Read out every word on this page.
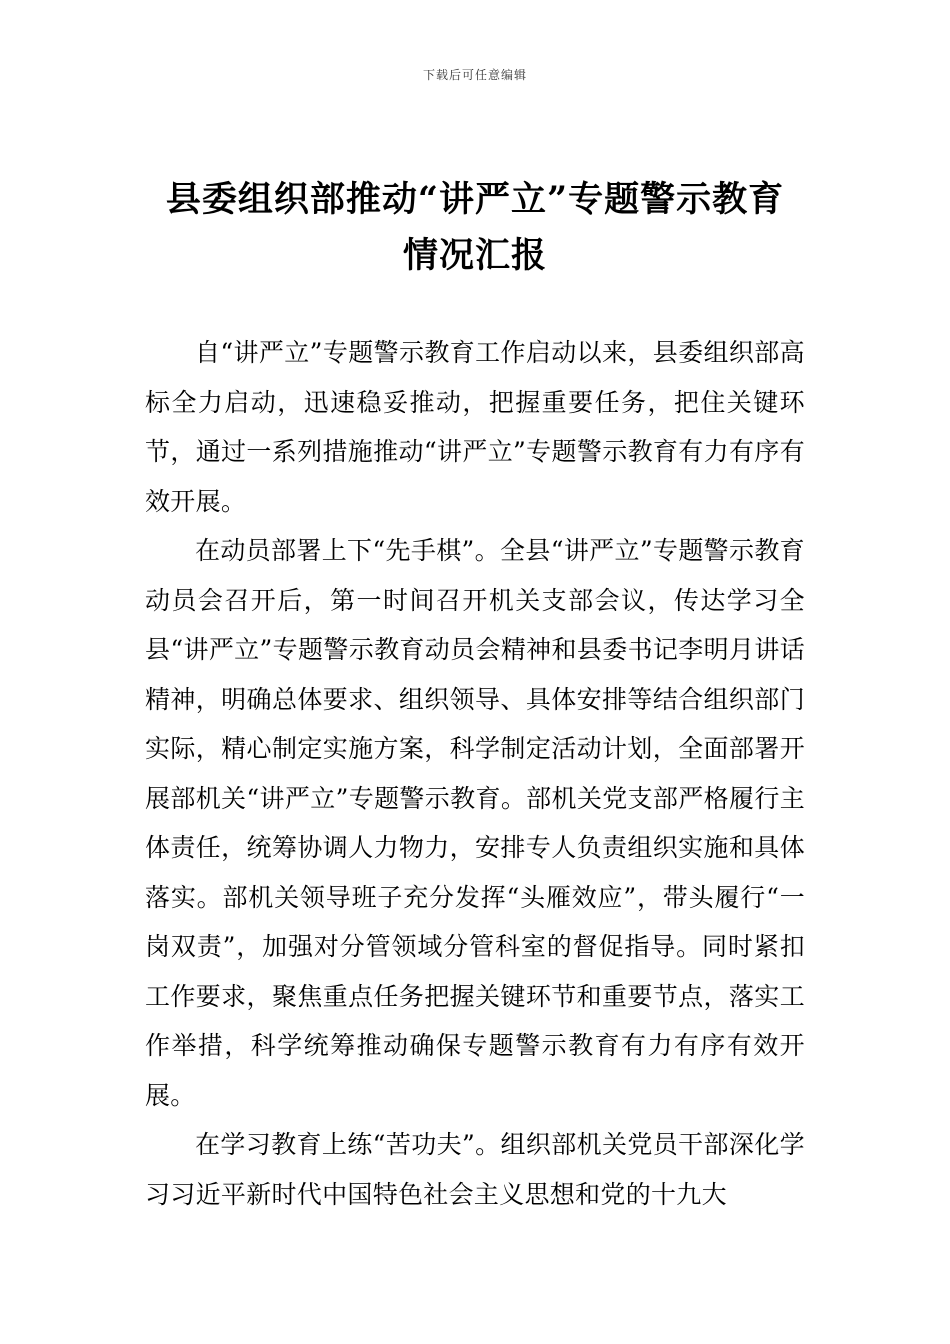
下载后可任意编辑
县委组织部推动“讲严立”专题警示教育
情况汇报

自“讲严立”专题警示教育工作启动以来，县委组织部高标全力启动，迅速稳妥推动，把握重要任务，把住关键环节，通过一系列措施推动“讲严立”专题警示教育有力有序有效开展。

在动员部署上下“先手棋”。全县“讲严立”专题警示教育动员会召开后，第一时间召开机关支部会议，传达学习全县“讲严立”专题警示教育动员会精神和县委书记李明月讲话精神，明确总体要求、组织领导、具体安排等结合组织部门实际，精心制定实施方案，科学制定活动计划，全面部署开展部机关“讲严立”专题警示教育。部机关党支部严格履行主体责任，统筹协调人力物力，安排专人负责组织实施和具体落实。部机关领导班子充分发挥“头雁效应”，带头履行“一岗双责”，加强对分管领域分管科室的督促指导。同时紧扣工作要求，聚焦重点任务把握关键环节和重要节点，落实工作举措，科学统筹推动确保专题警示教育有力有序有效开展。

在学习教育上练“苦功夫”。组织部机关党员干部深化学习习近平新时代中国特色社会主义思想和党的十九大
